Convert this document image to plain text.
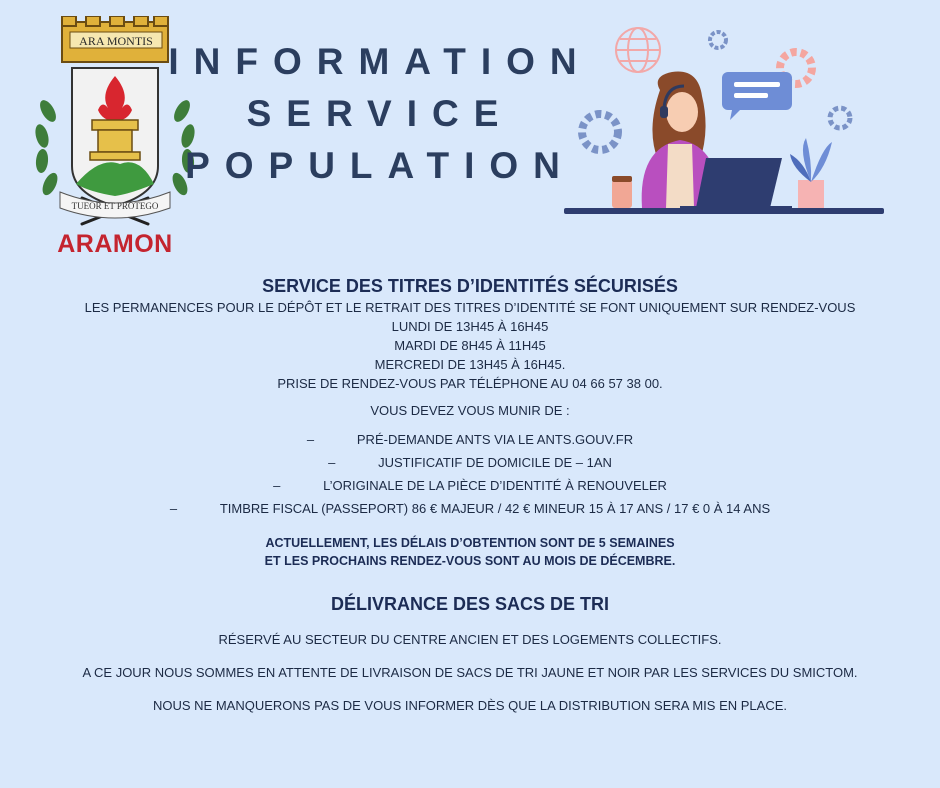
ARA MONTIS
TUEOR ET PROTEGO
ARAMON
INFORMATION
SERVICE
POPULATION

SERVICE DES TITRES D’IDENTITÉS SÉCURISÉS

LES PERMANENCES POUR LE DÉPÔT ET LE RETRAIT DES TITRES D’IDENTITÉ SE FONT UNIQUEMENT SUR RENDEZ-VOUS
LUNDI DE 13H45 À 16H45
MARDI DE 8H45 À 11H45
MERCREDI DE 13H45 À 16H45.
PRISE DE RENDEZ-VOUS PAR TÉLÉPHONE AU 04 66 57 38 00.
VOUS DEVEZ VOUS MUNIR DE :
–	PRÉ-DEMANDE ANTS VIA LE ANTS.GOUV.FR
–	JUSTIFICATIF DE DOMICILE DE – 1AN
–	L’ORIGINALE DE LA PIÈCE D’IDENTITÉ À RENOUVELER
–	TIMBRE FISCAL (PASSEPORT) 86 € MAJEUR / 42 € MINEUR 15 À 17 ANS / 17 € 0 À 14 ANS
ACTUELLEMENT, LES DÉLAIS D’OBTENTION SONT DE 5 SEMAINES
ET LES PROCHAINS RENDEZ-VOUS SONT AU MOIS DE DÉCEMBRE.

DÉLIVRANCE DES SACS DE TRI

RÉSERVÉ AU SECTEUR DU CENTRE ANCIEN ET DES LOGEMENTS COLLECTIFS.
A CE JOUR NOUS SOMMES EN ATTENTE DE LIVRAISON DE SACS DE TRI JAUNE ET NOIR PAR LES SERVICES DU SMICTOM.
NOUS NE MANQUERONS PAS DE VOUS INFORMER DÈS QUE LA DISTRIBUTION SERA MIS EN PLACE.
